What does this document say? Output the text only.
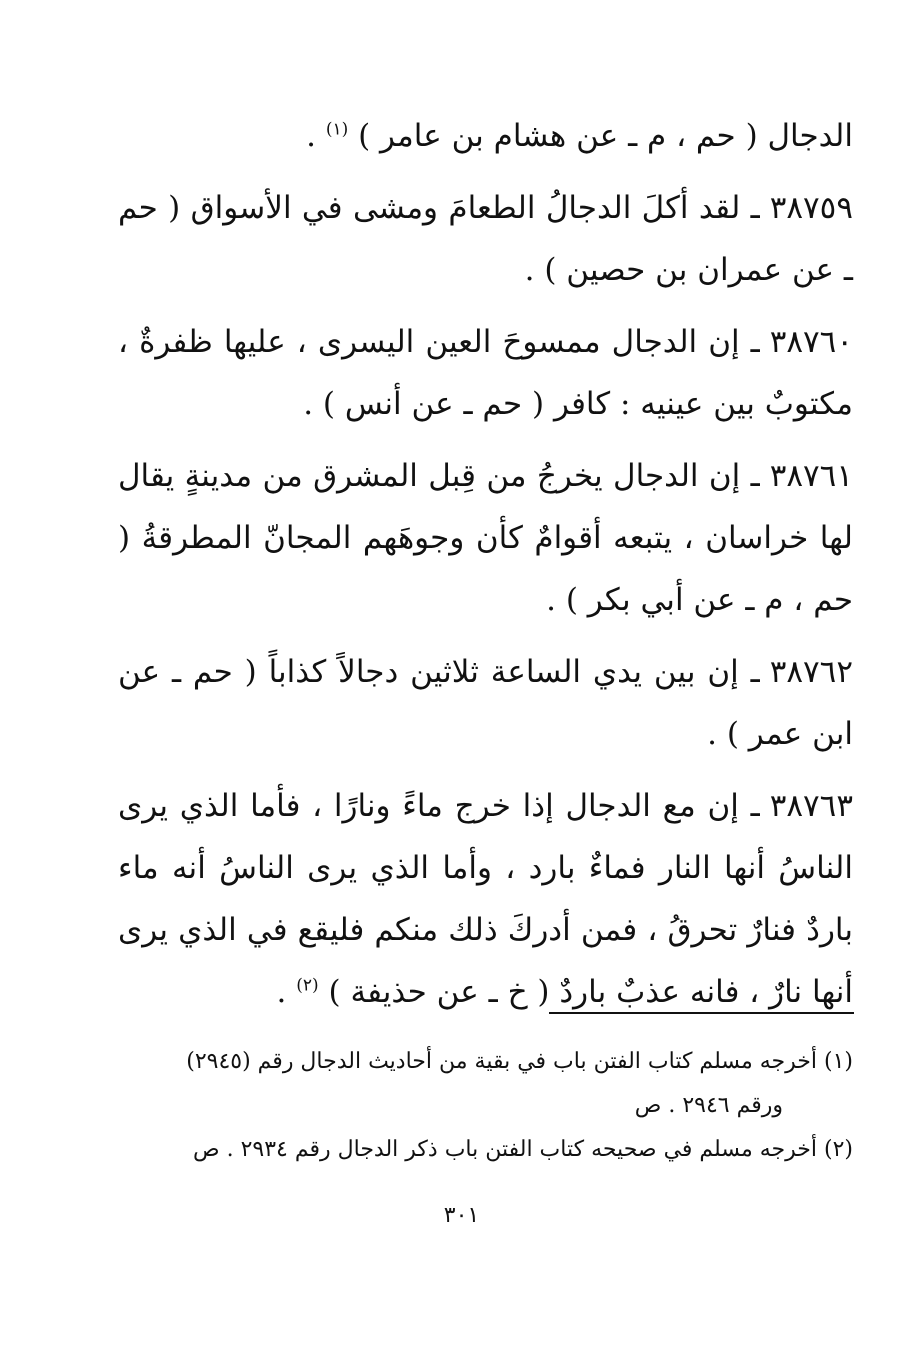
الدجال ( حم ، م ـ عن هشام بن عامر ) $^{(١)}$ .

٣٨٧٥٩ـ لقد أكلَ الدجالُ الطعامَ ومشى في الأسواق ( حم ـ عن عمران بن حصين ) .

٣٨٧٦٠ـ إن الدجال ممسوحَ العين اليسرى ، عليها ظفرةٌ ، مكتوبٌ بين عينيه : كافر ( حم ـ عن أنس ) .

٣٨٧٦١ـ إن الدجال يخرجُ من قِبل المشرق من مدينةٍ يقال لها خراسان ، يتبعه أقوامٌ كأن وجوهَهم المجانّ المطرقةُ ( حم ، م ـ عن أبي بكر ) .

٣٨٧٦٢ـ إن بين يدي الساعة ثلاثين دجالاً كذاباً ( حم ـ عن ابن عمر ) .

٣٨٧٦٣ـ إن مع الدجال إذا خرج ماءً ونارًا ، فأما الذي يرى الناسُ أنها النار فماءٌ بارد ، وأما الذي يرى الناسُ أنه ماء باردٌ فنارٌ تحرقُ ، فمن أدركَ ذلك منكم فليقع في الذي يرى أنها نارٌ ، فانه عذبٌ باردٌ ( خ ـ عن حذيفة ) $^{(٢)}$ .

(١) أخرجه مسلم كتاب الفتن باب في بقية من أحاديث الدجال رقم (٢٩٤٥)

ورقم ٢٩٤٦ . ص

(٢) أخرجه مسلم في صحيحه كتاب الفتن باب ذكر الدجال رقم ٢٩٣٤ . ص

٣٠١
